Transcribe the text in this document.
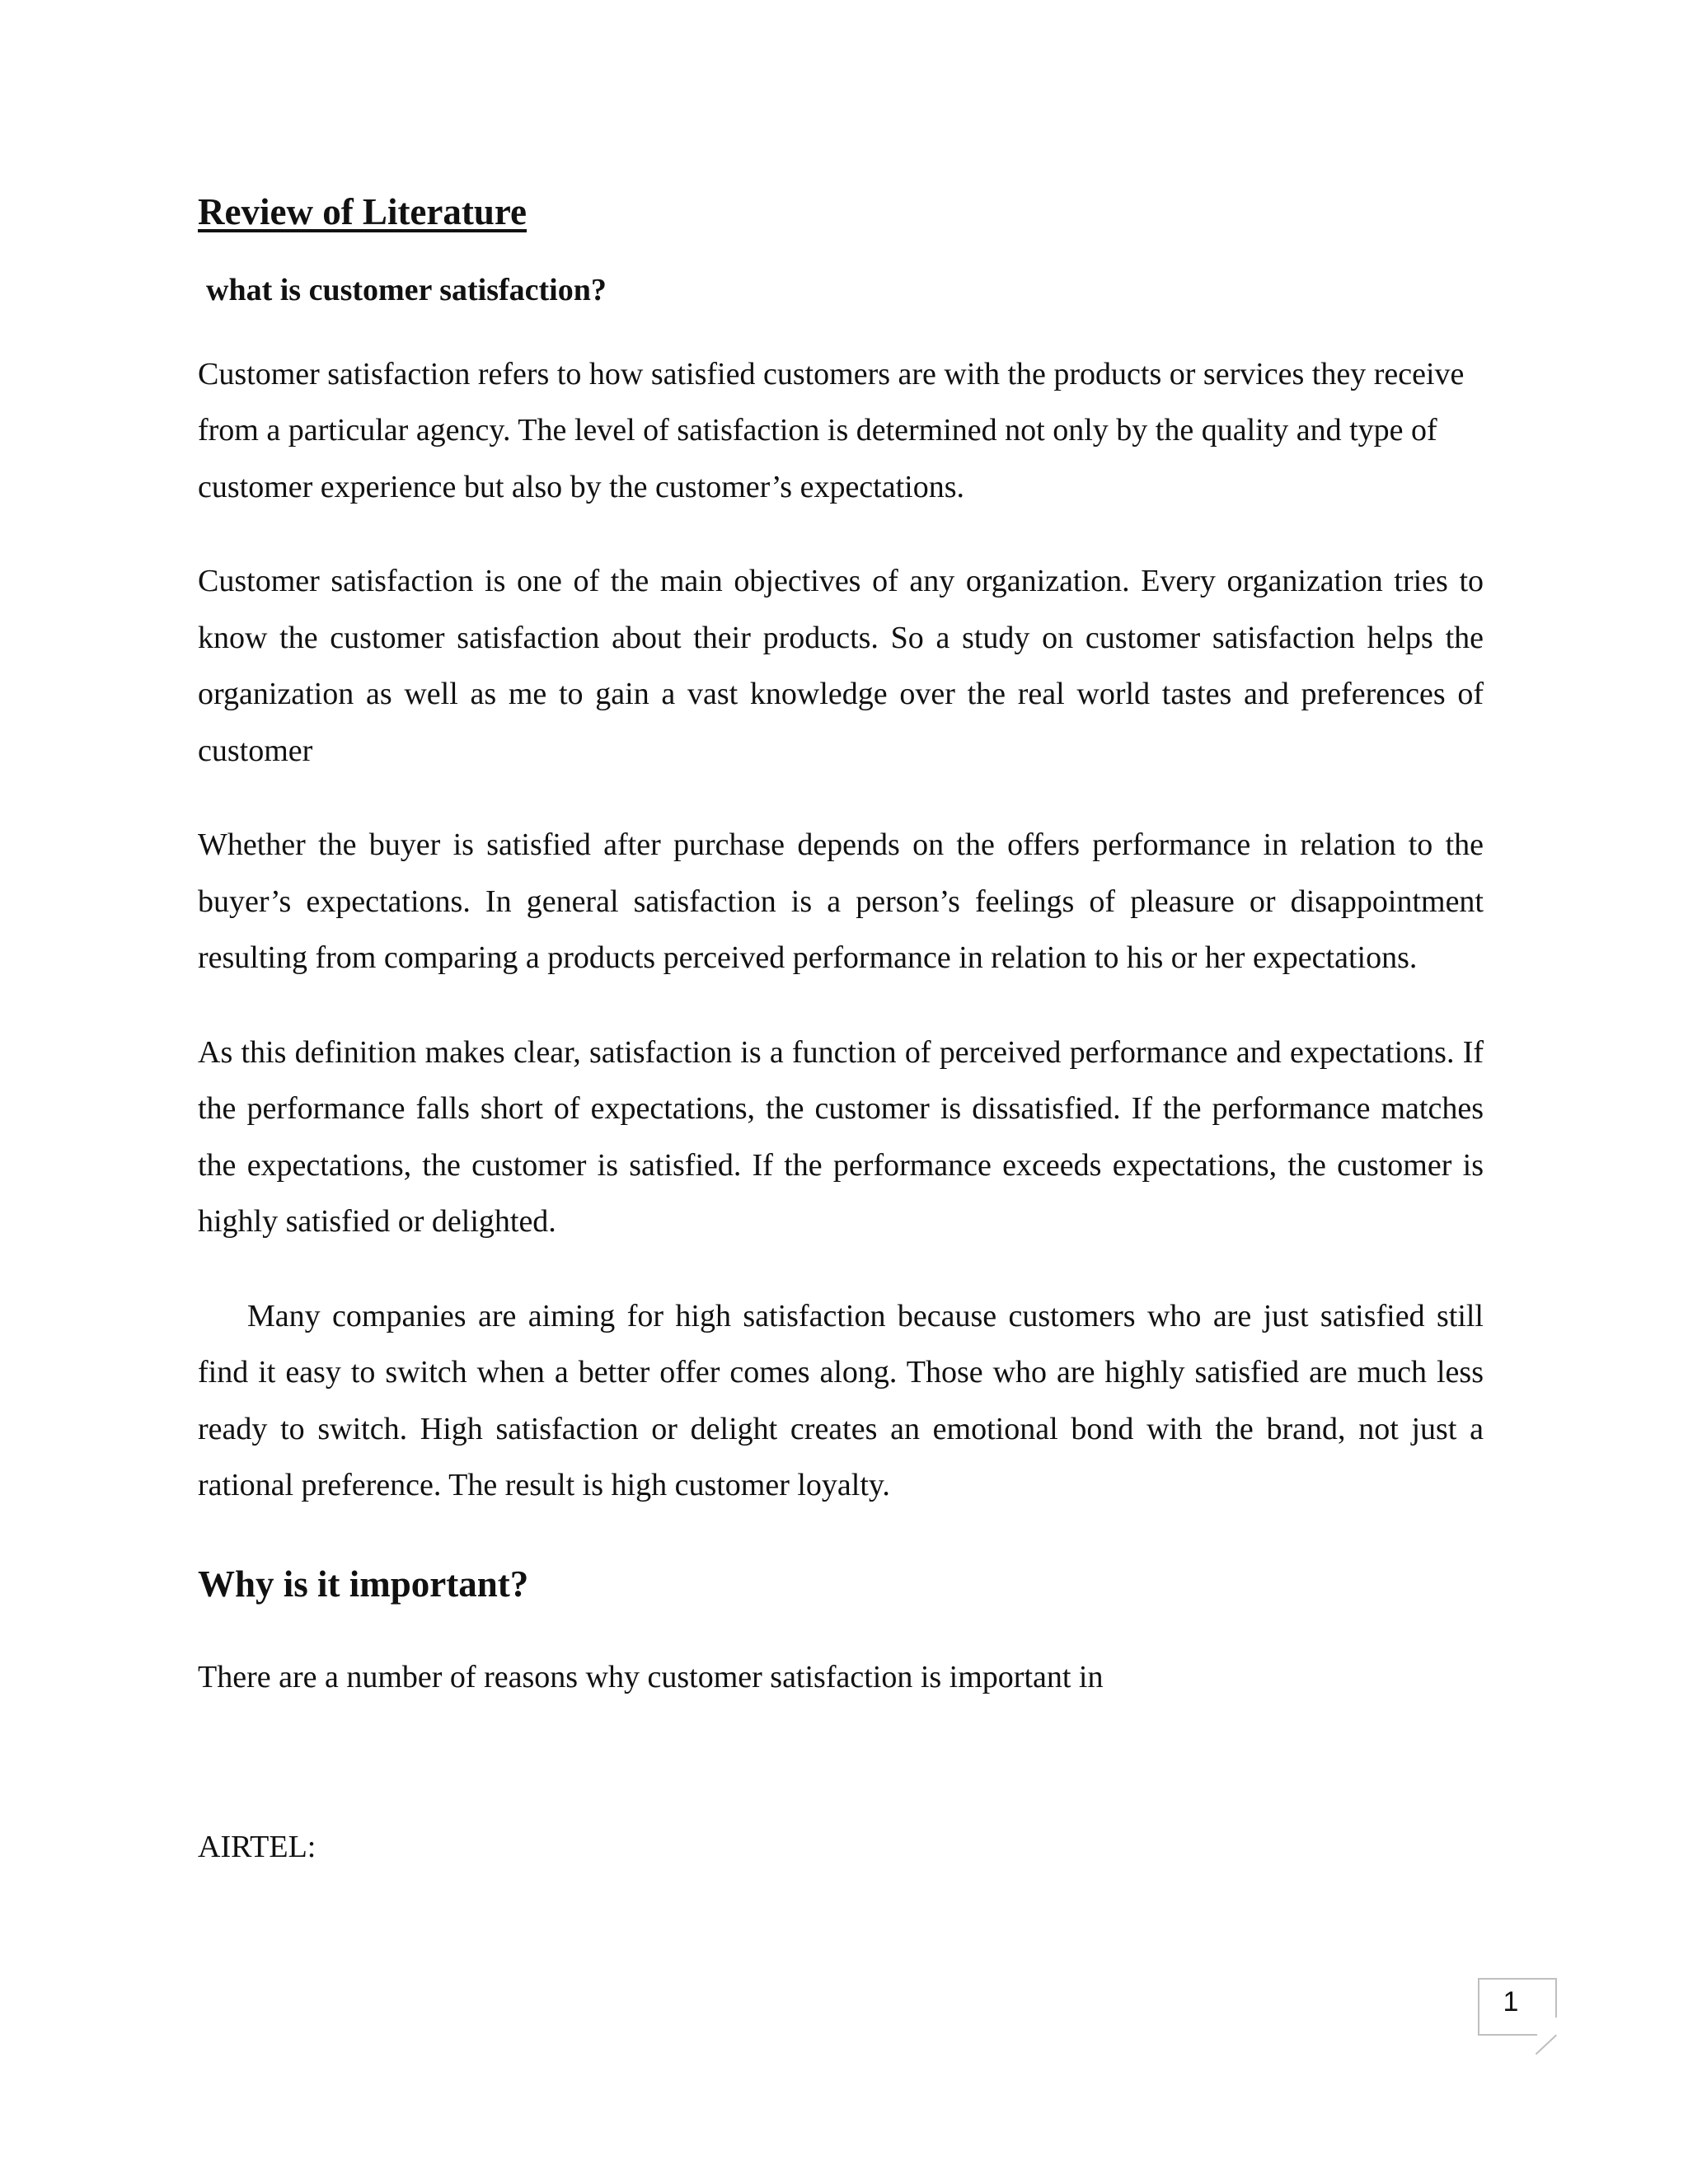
Review of Literature
what is customer satisfaction?

Customer satisfaction refers to how satisfied customers are with the products or services they receive from a particular agency. The level of satisfaction is determined not only by the quality and type of customer experience but also by the customer’s expectations.

Customer satisfaction is one of the main objectives of any organization. Every organization tries to know the customer satisfaction about their products. So a study on customer satisfaction helps the organization as well as me to gain a vast knowledge over the real world tastes and preferences of customer

Whether the buyer is satisfied after purchase depends on the offers performance in relation to the buyer’s expectations. In general satisfaction is a person’s feelings of pleasure or disappointment resulting from comparing a products perceived performance in relation to his or her expectations.

As this definition makes clear, satisfaction is a function of perceived performance and expectations. If the performance falls short of expectations, the customer is dissatisfied. If the performance matches the expectations, the customer is satisfied. If the performance exceeds expectations, the customer is highly satisfied or delighted.

Many companies are aiming for high satisfaction because customers who are just satisfied still find it easy to switch when a better offer comes along. Those who are highly satisfied are much less ready to switch. High satisfaction or delight creates an emotional bond with the brand, not just a rational preference. The result is high customer loyalty.

Why is it important?

There are a number of reasons why customer satisfaction is important in

AIRTEL:
1
